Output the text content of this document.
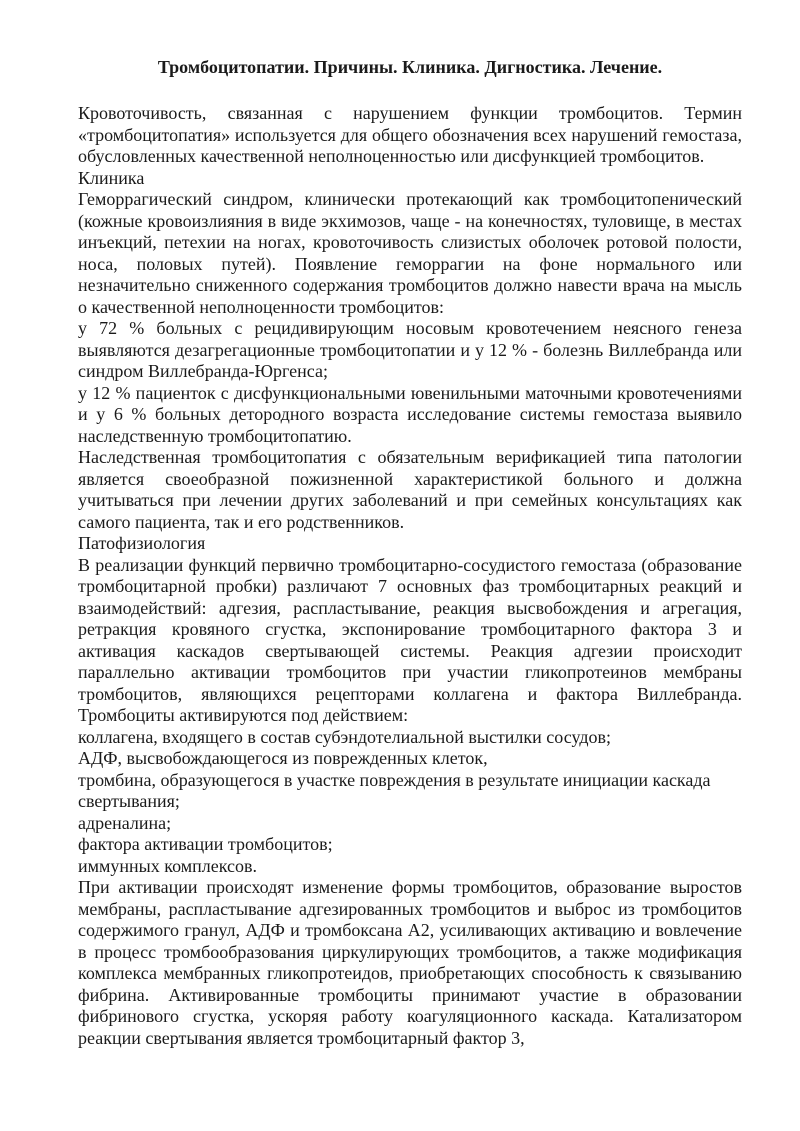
Тромбоцитопатии. Причины. Клиника. Дигностика. Лечение.

Кровоточивость, связанная с нарушением функции тромбоцитов. Термин «тромбоцитопатия» используется для общего обозначения всех нарушений гемостаза, обусловленных качественной неполноценностью или дисфункцией тромбоцитов.

Клиника

Геморрагический синдром, клинически протекающий как тромбоцитопенический (кожные кровоизлияния в виде экхимозов, чаще - на конечностях, туловище, в местах инъекций, петехии на ногах, кровоточивость слизистых оболочек ротовой полости, носа, половых путей). Появление геморрагии на фоне нормального или незначительно сниженного содержания тромбоцитов должно навести врача на мысль о качественной неполноценности тромбоцитов:

у 72 % больных с рецидивирующим носовым кровотечением неясного генеза выявляются дезагрегационные тромбоцитопатии и у 12 % - болезнь Виллебранда или синдром Виллебранда-Юргенса;

у 12 % пациенток с дисфункциональными ювенильными маточными кровотечениями и у 6 % больных детородного возраста исследование системы гемостаза выявило наследственную тромбоцитопатию.

Наследственная тромбоцитопатия с обязательным верификацией типа патологии является своеобразной пожизненной характеристикой больного и должна учитываться при лечении других заболеваний и при семейных консультациях как самого пациента, так и его родственников.

Патофизиология

В реализации функций первично тромбоцитарно-сосудистого гемостаза (образование тромбоцитарной пробки) различают 7 основных фаз тромбоцитарных реакций и взаимодействий: адгезия, распластывание, реакция высвобождения и агрегация, ретракция кровяного сгустка, экспонирование тромбоцитарного фактора 3 и активация каскадов свертывающей системы. Реакция адгезии происходит параллельно активации тромбоцитов при участии гликопротеинов мембраны тромбоцитов, являющихся рецепторами коллагена и фактора Виллебранда. Тромбоциты активируются под действием:

коллагена, входящего в состав субэндотелиальной выстилки сосудов;

АДФ, высвобождающегося из поврежденных клеток,

тромбина, образующегося в участке повреждения в результате инициации каскада свертывания;

адреналина;

фактора активации тромбоцитов;

иммунных комплексов.

При активации происходят изменение формы тромбоцитов, образование выростов мембраны, распластывание адгезированных тромбоцитов и выброс из тромбоцитов содержимого гранул, АДФ и тромбоксана А2, усиливающих активацию и вовлечение в процесс тромбообразования циркулирующих тромбоцитов, а также модификация комплекса мембранных гликопротеидов, приобретающих способность к связыванию фибрина. Активированные тромбоциты принимают участие в образовании фибринового сгустка, ускоряя работу коагуляционного каскада. Катализатором реакции свертывания является тромбоцитарный фактор 3,
